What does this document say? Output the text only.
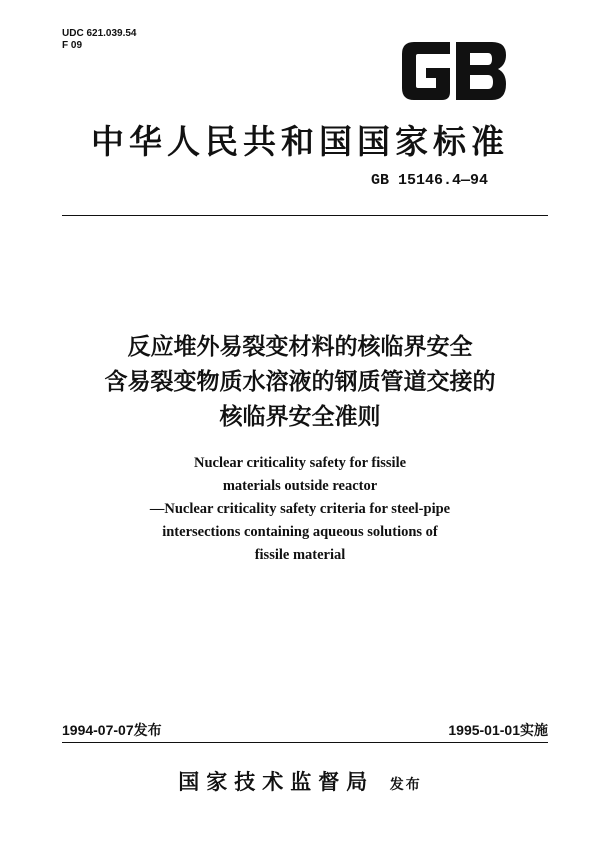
UDC 621.039.54
F 09
中华人民共和国国家标准
GB 15146.4—94
反应堆外易裂变材料的核临界安全
含易裂变物质水溶液的钢质管道交接的
核临界安全准则
Nuclear criticality safety for fissile
materials outside reactor
—Nuclear criticality safety criteria for steel-pipe
intersections containing aqueous solutions of
fissile material
1994-07-07发布	1995-01-01实施
国家技术监督局 发布
